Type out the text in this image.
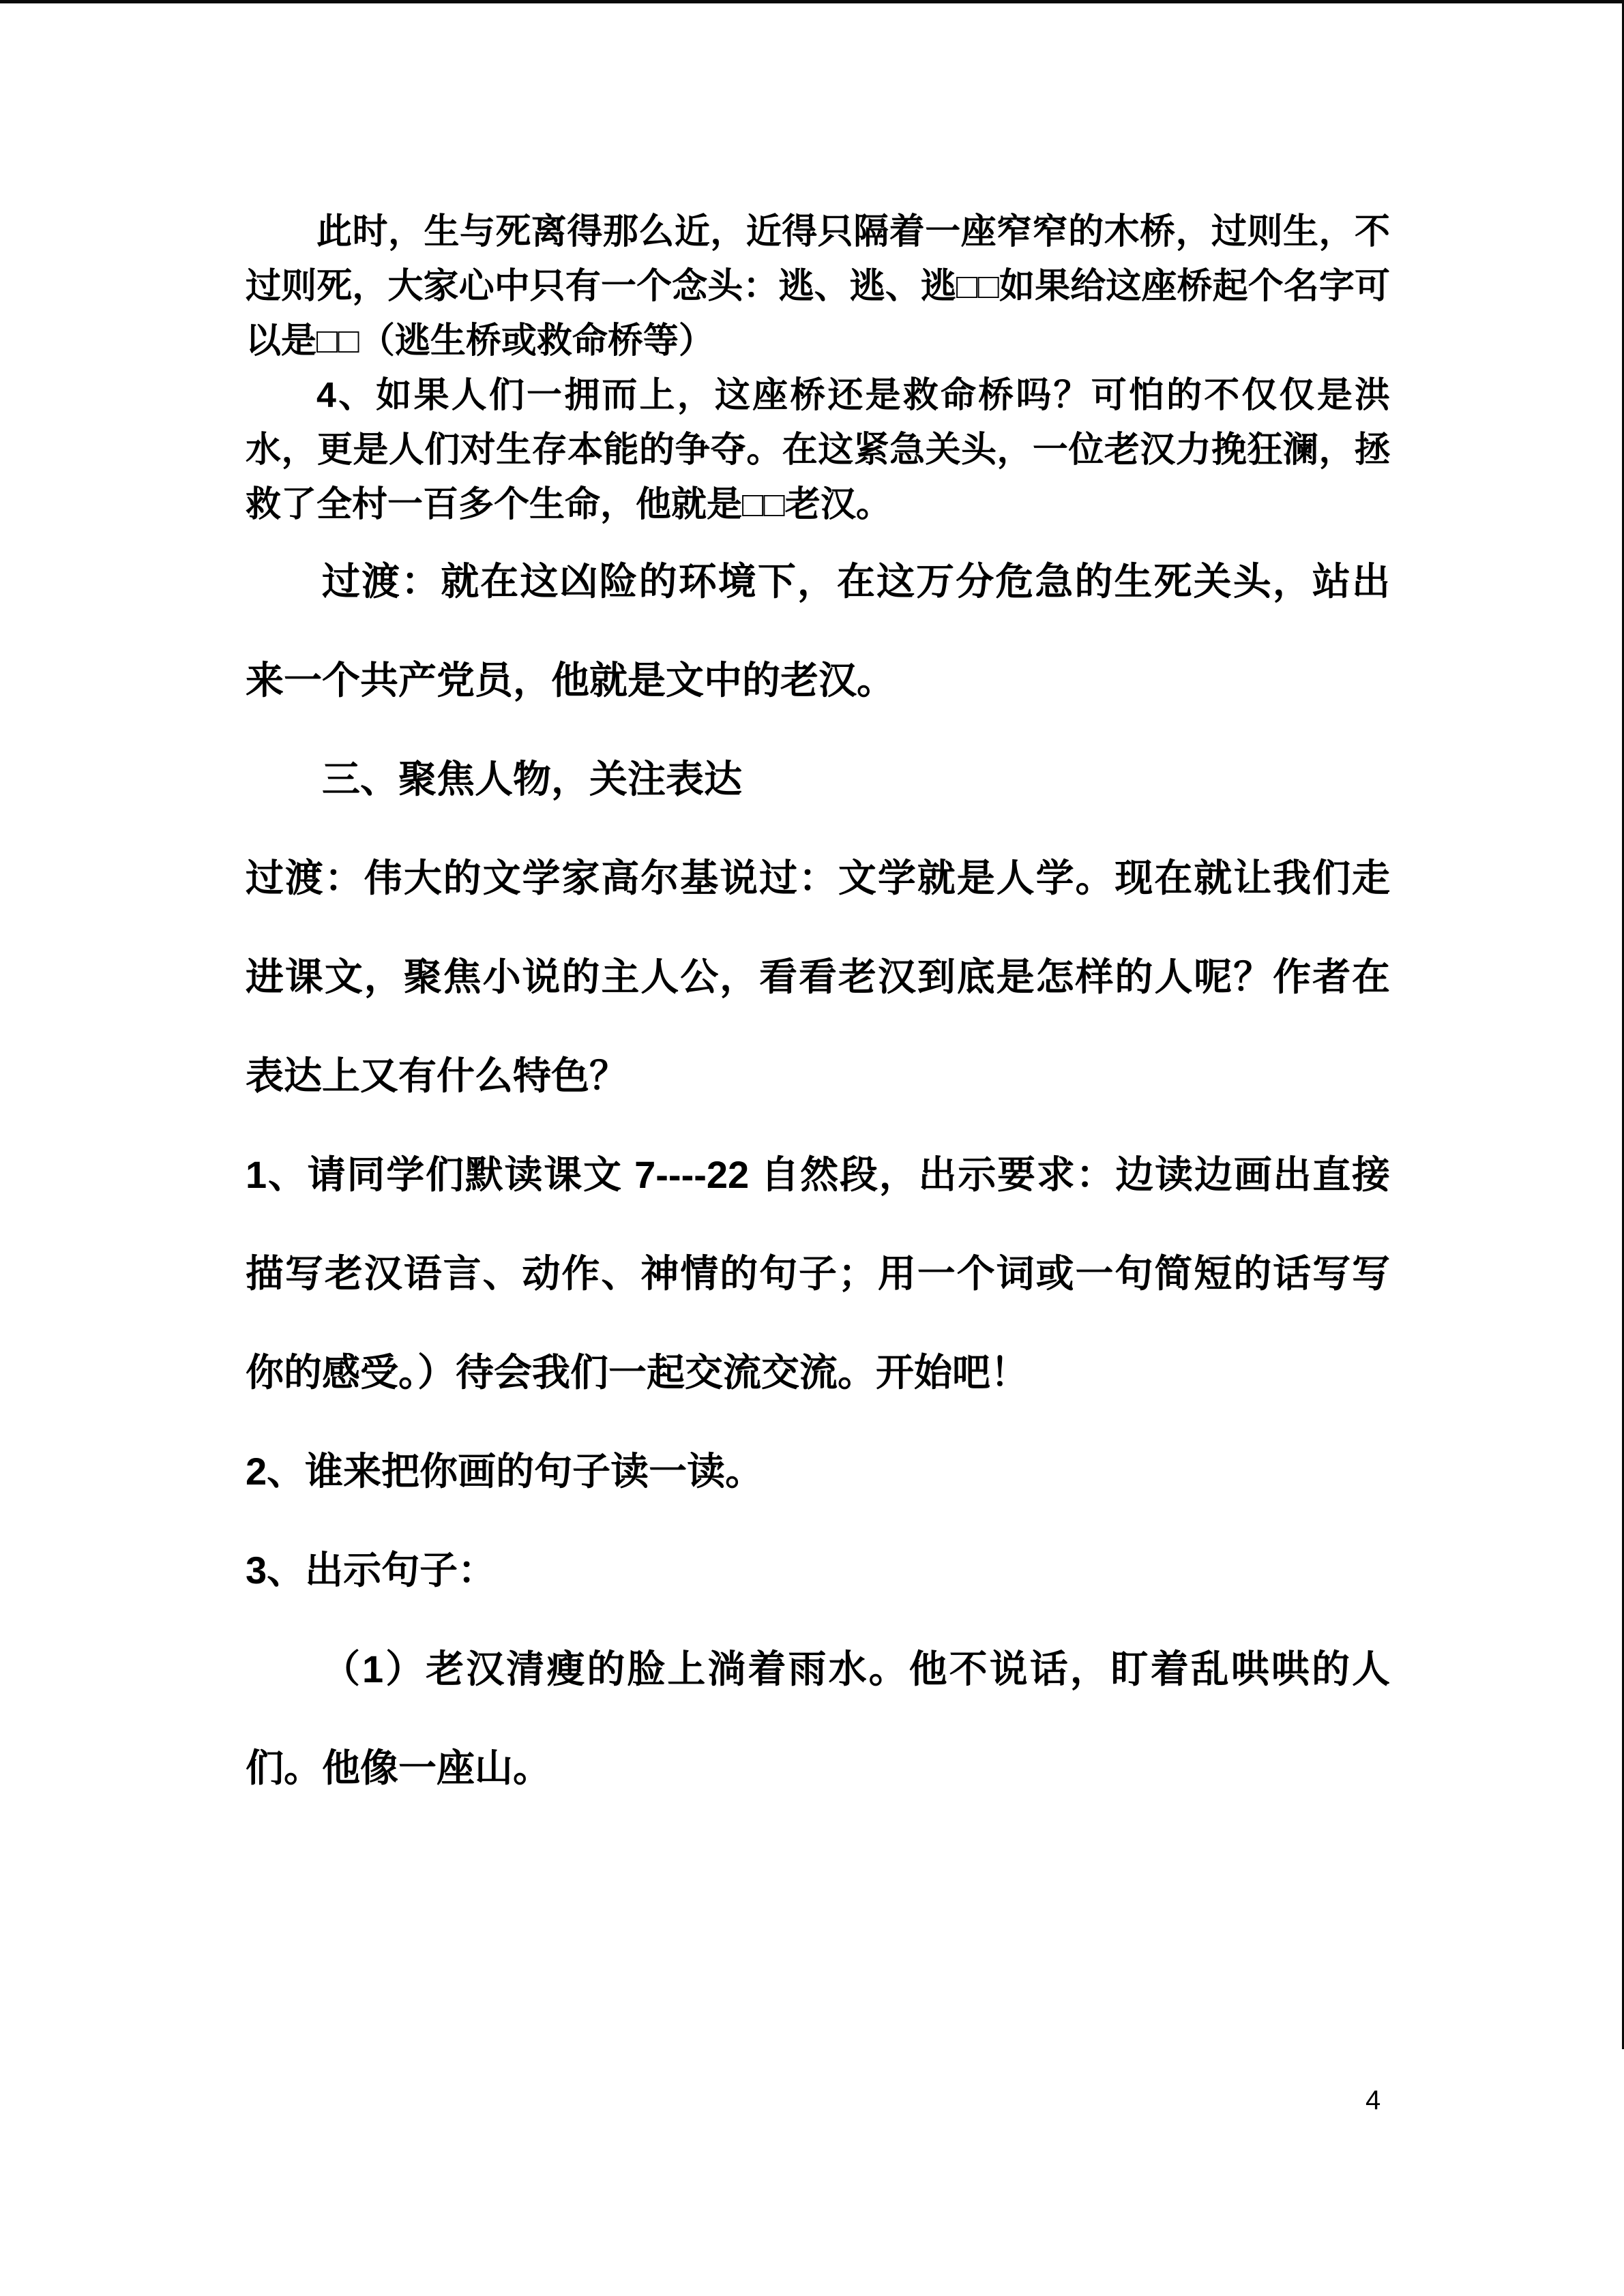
此时，生与死离得那么近，近得只隔着一座窄窄的木桥，过则生，不过则死，大家心中只有一个念头：逃、逃、逃□□如果给这座桥起个名字可以是□□（逃生桥或救命桥等）

4、如果人们一拥而上，这座桥还是救命桥吗？可怕的不仅仅是洪水，更是人们对生存本能的争夺。在这紧急关头，一位老汉力挽狂澜，拯救了全村一百多个生命，他就是□□老汉。

过渡：就在这凶险的环境下，在这万分危急的生死关头，站出来一个共产党员，他就是文中的老汉。

三、聚焦人物，关注表达

过渡：伟大的文学家高尔基说过：文学就是人学。现在就让我们走进课文，聚焦小说的主人公，看看老汉到底是怎样的人呢？作者在表达上又有什么特色？

1、请同学们默读课文 7----22 自然段，出示要求：边读边画出直接描写老汉语言、动作、神情的句子；用一个词或一句简短的话写写你的感受。）待会我们一起交流交流。开始吧！

2、谁来把你画的句子读一读。

3、出示句子：

（1）老汉清瘦的脸上淌着雨水。他不说话，盯着乱哄哄的人们。他像一座山。

4
